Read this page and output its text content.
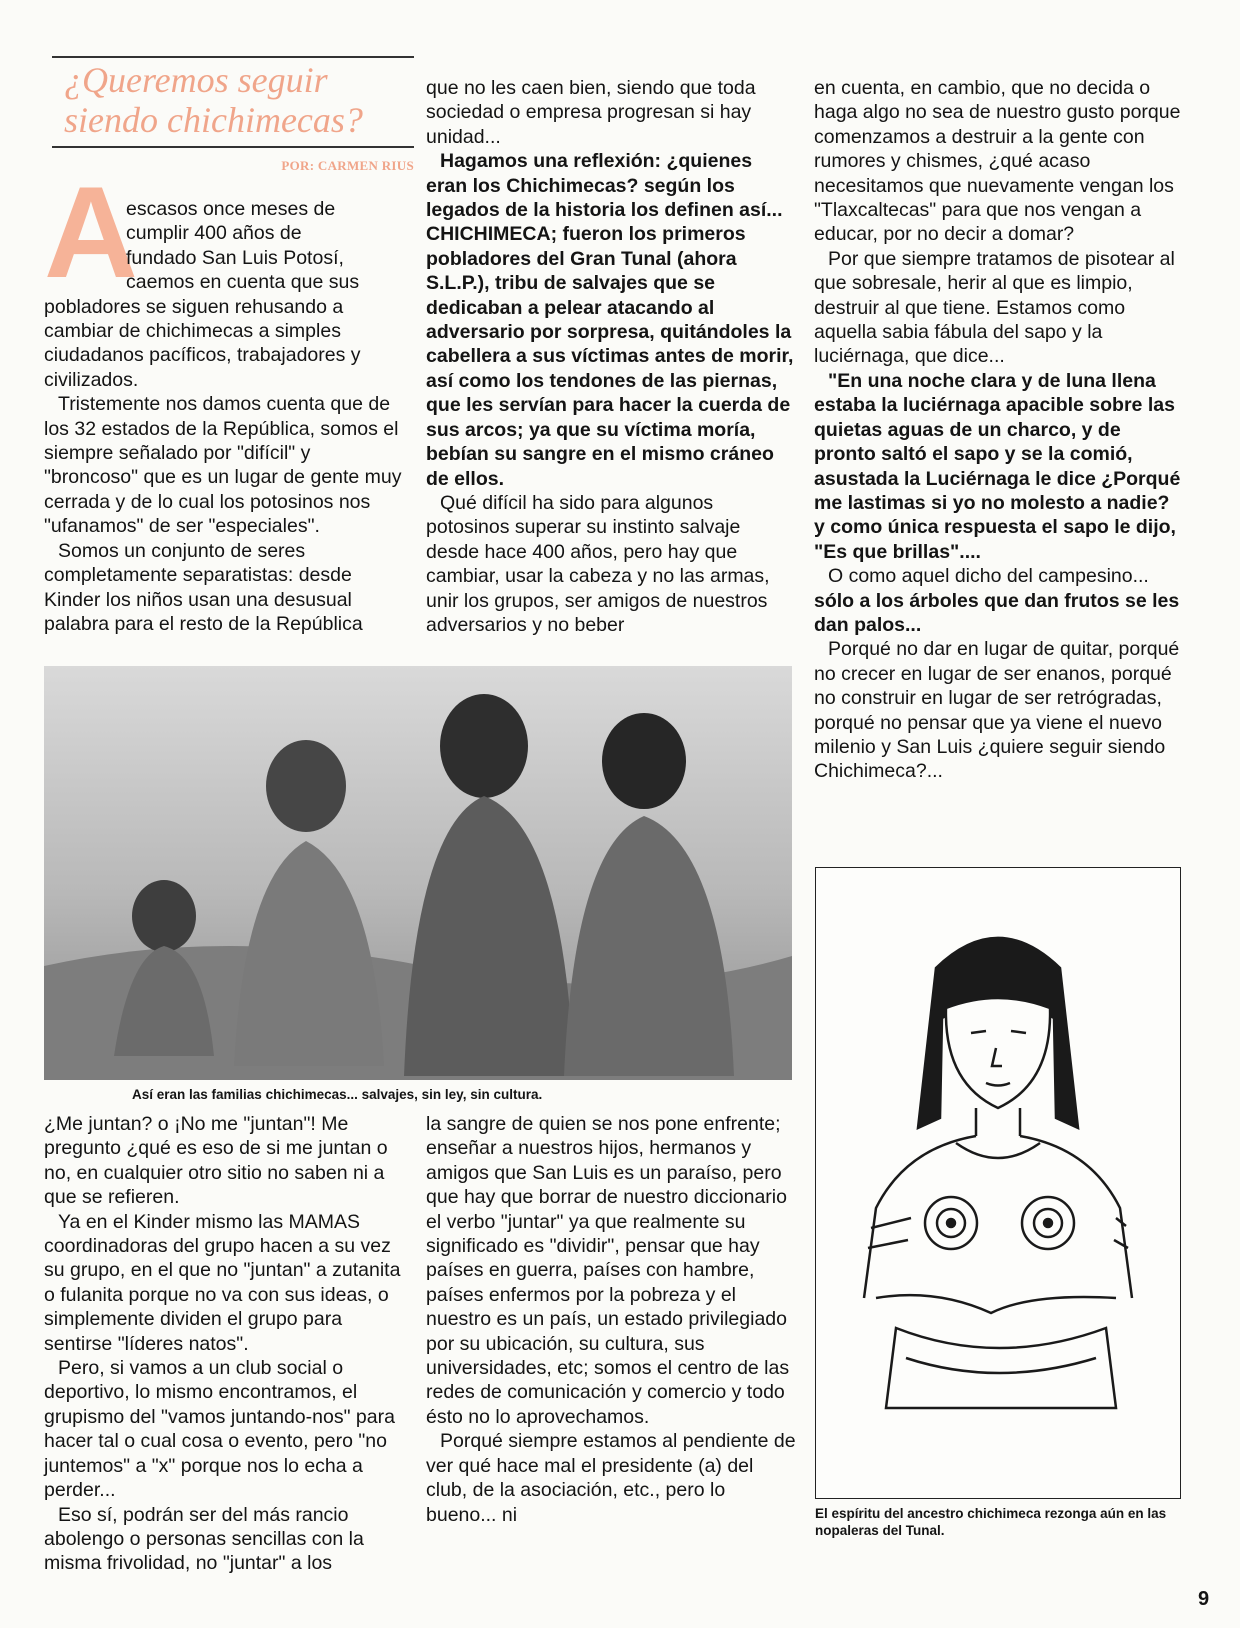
¿Queremos seguir
siendo chichimecas?
POR: CARMEN RIUS
A
escasos once meses de
cumplir 400 años de
fundado San Luis Potosí,
caemos en cuenta que sus

pobladores se siguen rehusando a cambiar de chichimecas a simples ciudadanos pacíficos, trabajadores y civilizados.

Tristemente nos damos cuenta que de los 32 estados de la República, somos el siempre señalado por "difícil" y "broncoso" que es un lugar de gente muy cerrada y de lo cual los potosinos nos "ufanamos" de ser "especiales".

Somos un conjunto de seres completamente separatistas: desde Kinder los niños usan una desusual palabra para el resto de la República

que no les caen bien, siendo que toda sociedad o empresa progresan si hay unidad...

Hagamos una reflexión: ¿quienes eran los Chichimecas? según los legados de la historia los definen así... CHICHIMECA; fueron los primeros pobladores del Gran Tunal (ahora S.L.P.), tribu de salvajes que se dedicaban a pelear atacando al adversario por sorpresa, quitándoles la cabellera a sus víctimas antes de morir, así como los tendones de las piernas, que les servían para hacer la cuerda de sus arcos; ya que su víctima moría, bebían su sangre en el mismo cráneo de ellos.

Qué difícil ha sido para algunos potosinos superar su instinto salvaje desde hace 400 años, pero hay que cambiar, usar la cabeza y no las armas, unir los grupos, ser amigos de nuestros adversarios y no beber

en cuenta, en cambio, que no decida o haga algo no sea de nuestro gusto porque comenzamos a destruir a la gente con rumores y chismes, ¿qué acaso necesitamos que nuevamente vengan los "Tlaxcaltecas" para que nos vengan a educar, por no decir a domar?

Por que siempre tratamos de pisotear al que sobresale, herir al que es limpio, destruir al que tiene. Estamos como aquella sabia fábula del sapo y la luciérnaga, que dice...

"En una noche clara y de luna llena estaba la luciérnaga apacible sobre las quietas aguas de un charco, y de pronto saltó el sapo y se la comió, asustada la Luciérnaga le dice ¿Porqué me lastimas si yo no molesto a nadie? y como única respuesta el sapo le dijo, "Es que brillas"....

O como aquel dicho del campesino... sólo a los árboles que dan frutos se les dan palos...

Porqué no dar en lugar de quitar, porqué no crecer en lugar de ser enanos, porqué no construir en lugar de ser retrógradas, porqué no pensar que ya viene el nuevo milenio y San Luis ¿quiere seguir siendo Chichimeca?...

Así eran las familias chichimecas... salvajes, sin ley, sin cultura.

¿Me juntan? o ¡No me "juntan"! Me pregunto ¿qué es eso de si me juntan o no, en cualquier otro sitio no saben ni a que se refieren.

Ya en el Kinder mismo las MAMAS coordinadoras del grupo hacen a su vez su grupo, en el que no "juntan" a zutanita o fulanita porque no va con sus ideas, o simplemente dividen el grupo para sentirse "líderes natos".

Pero, si vamos a un club social o deportivo, lo mismo encontramos, el grupismo del "vamos juntando-nos" para hacer tal o cual cosa o evento, pero "no juntemos" a "x" porque nos lo echa a perder...

Eso sí, podrán ser del más rancio abolengo o personas sencillas con la misma frivolidad, no "juntar" a los

la sangre de quien se nos pone enfrente; enseñar a nuestros hijos, hermanos y amigos que San Luis es un paraíso, pero que hay que borrar de nuestro diccionario el verbo "juntar" ya que realmente su significado es "dividir", pensar que hay países en guerra, países con hambre, países enfermos por la pobreza y el nuestro es un país, un estado privilegiado por su ubicación, su cultura, sus universidades, etc; somos el centro de las redes de comunicación y comercio y todo ésto no lo aprovechamos.

Porqué siempre estamos al pendiente de ver qué hace mal el presidente (a) del club, de la asociación, etc., pero lo bueno... ni	El espíritu del ancestro chichimeca rezonga aún en las nopaleras del Tunal.
9
